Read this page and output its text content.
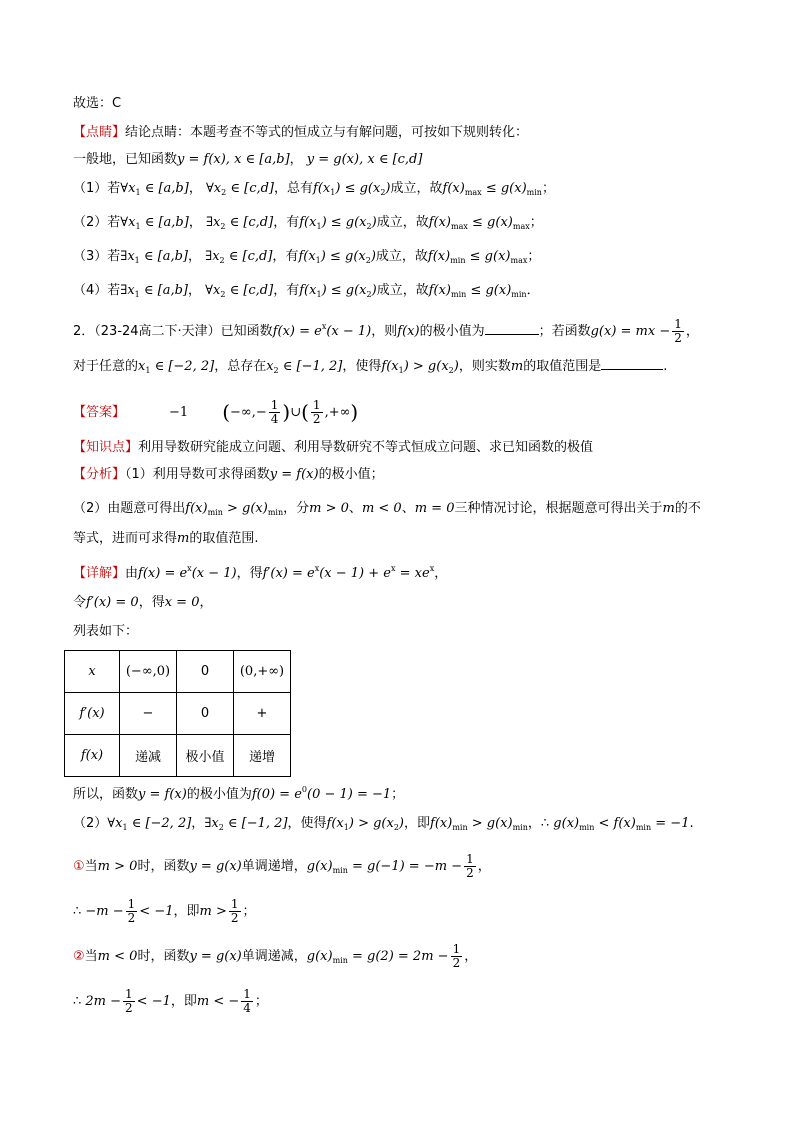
故选：C
【点睛】结论点睛：本题考查不等式的恒成立与有解问题，可按如下规则转化：
一般地，已知函数y = f(x), x ∈ [a,b]， y = g(x), x ∈ [c,d]
（1）若$\forall x_1$ ∈ [a,b]， $\forall x_2$ ∈ [c,d]，总有$f(x_1) \le g(x_2)$成立，故$f(x)_{max} \le g(x)_{min}$；
（2）若$\forall x_1$ ∈ [a,b]， $\exists x_2$ ∈ [c,d]，有$f(x_1) \le g(x_2)$成立，故$f(x)_{max} \le g(x)_{max}$；
（3）若$\exists x_1$ ∈ [a,b]， $\exists x_2$ ∈ [c,d]，有$f(x_1) \le g(x_2)$成立，故$f(x)_{min} \le g(x)_{max}$；
（4）若$\exists x_1$ ∈ [a,b]， $\forall x_2$ ∈ [c,d]，有$f(x_1) \le g(x_2)$成立，故$f(x)_{min} \le g(x)_{min}$．
2．（23-24高二下·天津）已知函数$f(x) = e^x(x - 1)$，则f(x)的极小值为	；若函数g(x) = mx − $\frac{1}{2}$ ，
对于任意的$x_1$ ∈ [−2, 2]，总存在$x_2$ ∈ [−1, 2]，使得$f(x_1) > g(x_2)$，则实数m的取值范围是	.
【答案】	−1 (−∞,− $\frac{1}{4}$ )∪( $\frac{1}{2}$ ,+∞)
【知识点】利用导数研究能成立问题、利用导数研究不等式恒成立问题、求已知函数的极值
【分析】（1）利用导数可求得函数y = f(x)的极小值；
（2）由题意可得出$f(x)_{min} > g(x)_{min}$，分m > 0、m < 0、m = 0三种情况讨论，根据题意可得出关于m的不
等式，进而可求得m的取值范围.
【详解】由$f(x) = e^x(x - 1)$，得$f'(x) = e^x(x - 1) + e^x = xe^x$，
令f′(x) = 0，得x = 0，
列表如下：
x	(−∞,0)	0	(0,+∞)
f′(x)	−	0	+
f(x)	递减	极小值	递增
所以，函数y = f(x)的极小值为$f(0) = e^0(0 - 1) = -1$；
$(2)\forall x_1$ ∈ [−2, 2]，$\exists x_2$ ∈ [−1, 2]，使得$f(x_1) > g(x_2)$，即$f(x)_{min} > g(x)_{min}$，∴ $g(x)_{min} < f(x)_{min} = -1$.
①当m > 0时，函数y = g(x)单调递增，$g(x)_{min} = g(-1) = -m - \frac{1}{2}$ ，
∴ $-m - \frac{1}{2} < -1$，即$m > \frac{1}{2}$ ；
②当m < 0时，函数y = g(x)单调递减，$g(x)_{min} = g(2) = 2m - \frac{1}{2}$ ，
∴ $2m - \frac{1}{2} < -1$，即m < − $\frac{1}{4}$ ；
